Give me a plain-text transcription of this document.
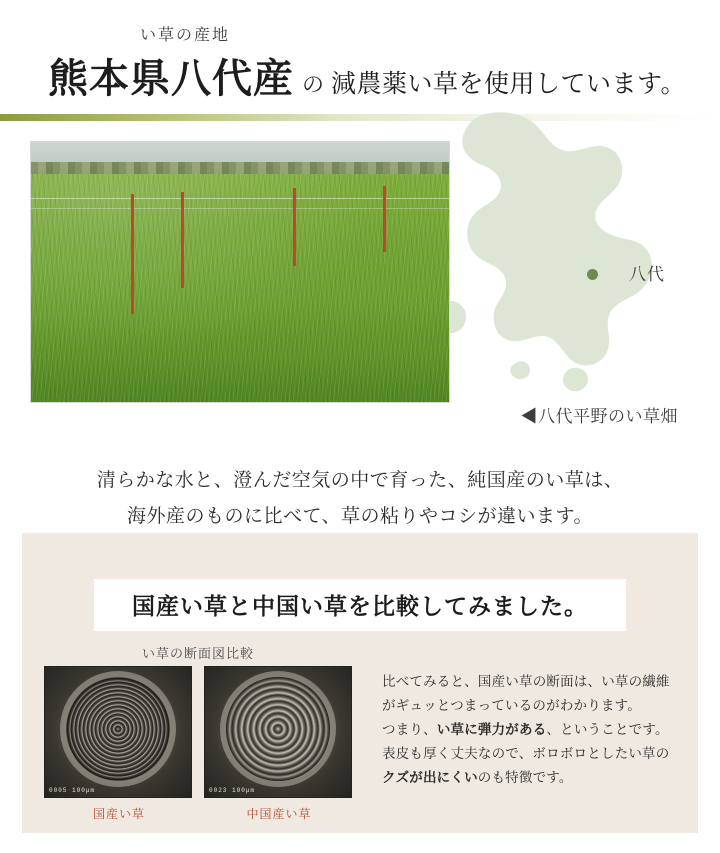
い草の産地
熊本県八代産 の 減農薬い草を使用しています。
八代
◀八代平野のい草畑
清らかな水と、澄んだ空気の中で育った、純国産のい草は、
海外産のものに比べて、草の粘りやコシが違います。
国産い草と中国い草を比較してみました。
い草の断面図比較
0005 100μm
国産い草
0023 100μm
中国産い草
比べてみると、国産い草の断面は、い草の繊維
がギュッとつまっているのがわかります。
つまり、い草に弾力がある、ということです。
表皮も厚く丈夫なので、ボロボロとしたい草の
クズが出にくいのも特徴です。
